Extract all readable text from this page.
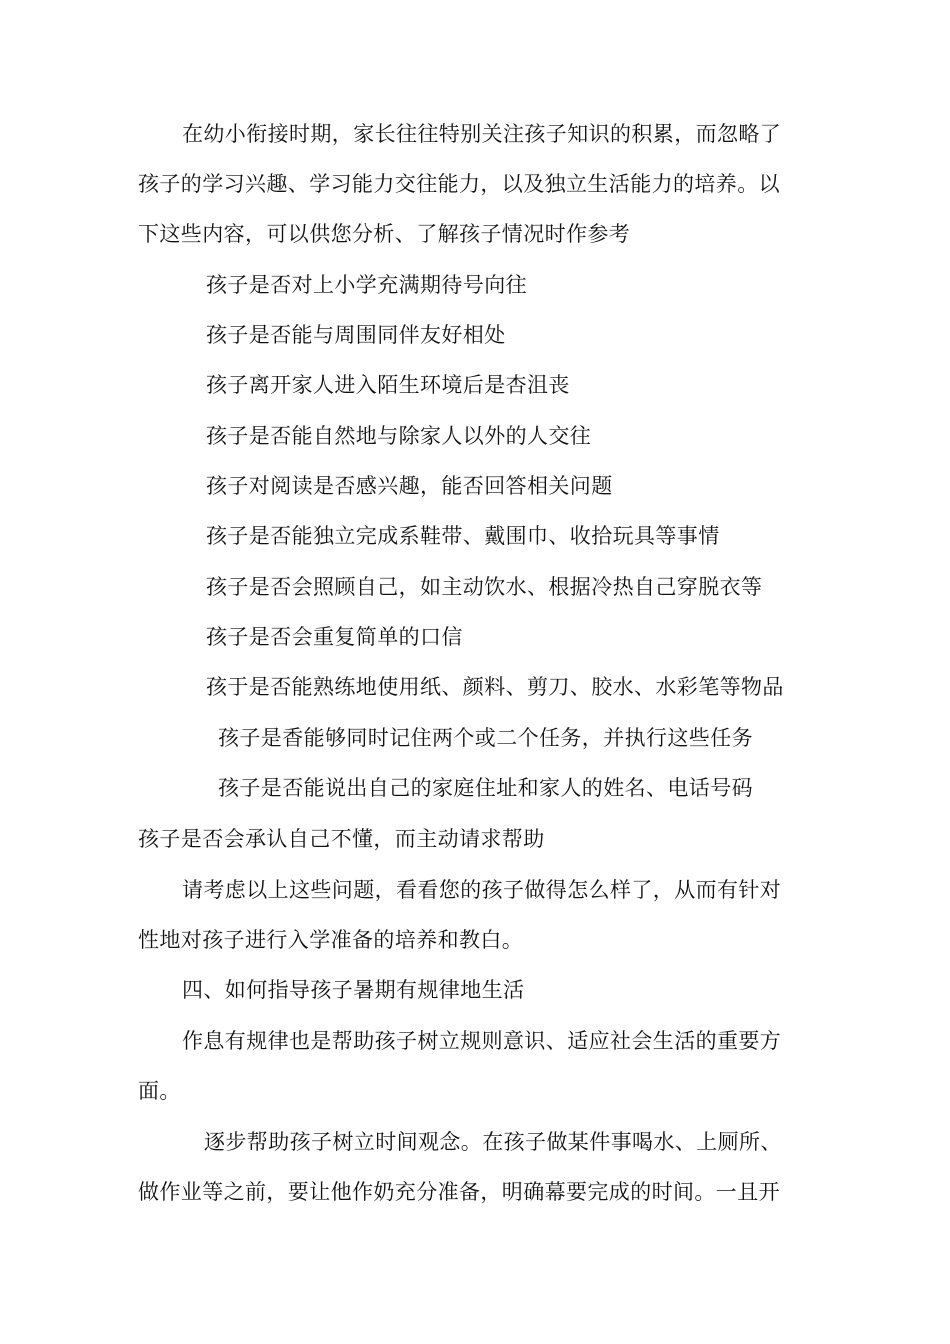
在幼小衔接时期，家长往往特别关注孩子知识的积累，而忽略了
孩子的学习兴趣、学习能力交往能力，以及独立生活能力的培养。以
下这些内容，可以供您分析、了解孩子情况时作参考
孩子是否对上小学充满期待号向往
孩子是否能与周围同伴友好相处
孩子离开家人进入陌生环境后是杏沮丧
孩子是否能自然地与除家人以外的人交往
孩子对阅读是否感兴趣，能否回答相关问题
孩子是否能独立完成系鞋带、戴围巾、收拾玩具等事情
孩子是否会照顾自己，如主动饮水、根据冷热自己穿脱衣等
孩子是否会重复简单的口信
孩于是否能熟练地使用纸、颜料、剪刀、胶水、水彩笔等物品
孩子是香能够同时记住两个或二个任务，并执行这些任务
孩子是否能说出自己的家庭住址和家人的姓名、电话号码
孩子是否会承认自己不懂，而主动请求帮助
请考虑以上这些问题，看看您的孩子做得怎么样了，从而有针对
性地对孩子进行入学准备的培养和教白。
四、如何指导孩子暑期有规律地生活
作息有规律也是帮助孩子树立规则意识、适应社会生活的重要方
面。
逐步帮助孩子树立时间观念。在孩子做某件事喝水、上厕所、
做作业等之前，要让他作奶充分准备，明确幕要完成的时间。一且开
